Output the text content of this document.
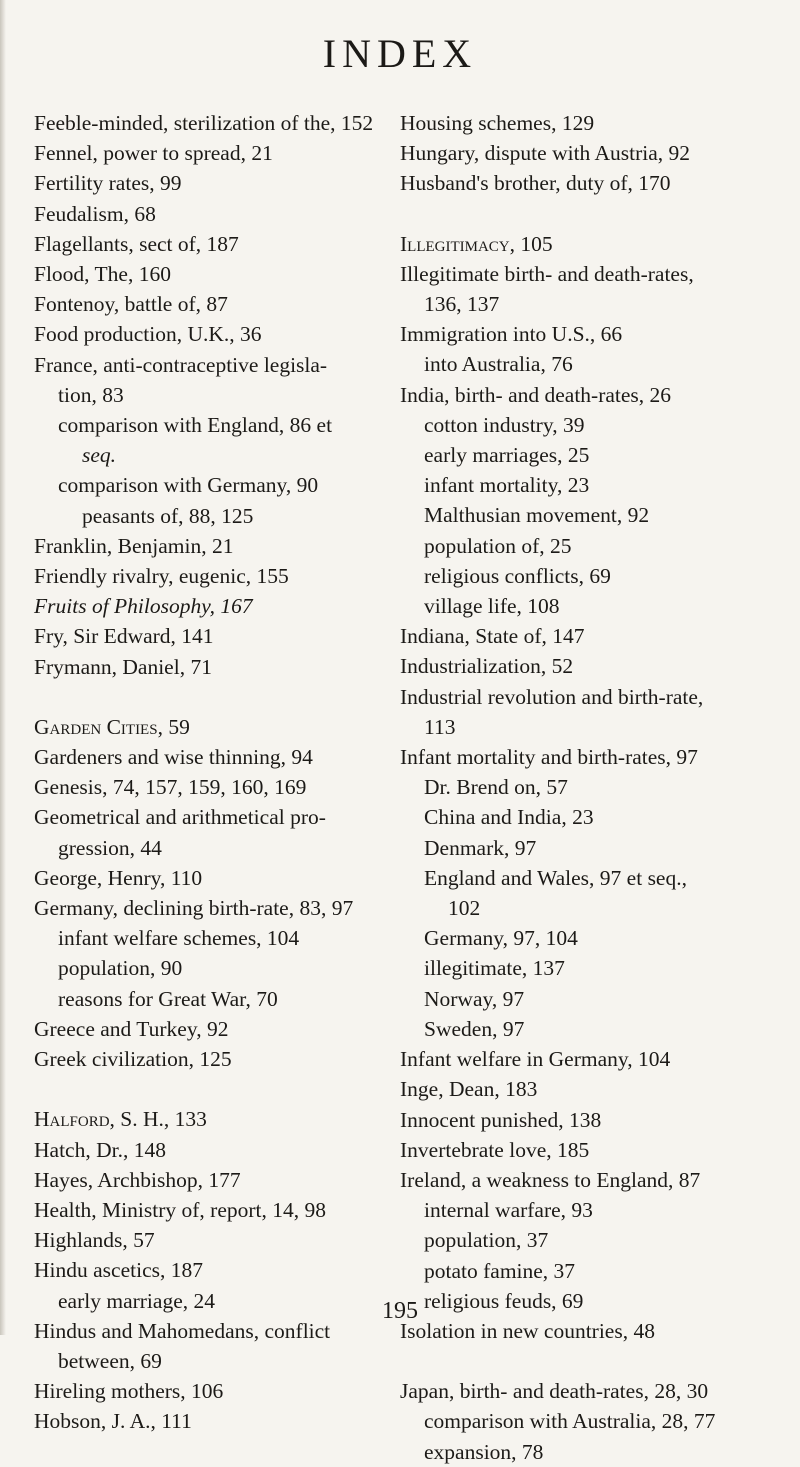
INDEX
Feeble-minded, sterilization of the, 152
Fennel, power to spread, 21
Fertility rates, 99
Feudalism, 68
Flagellants, sect of, 187
Flood, The, 160
Fontenoy, battle of, 87
Food production, U.K., 36
France, anti-contraceptive legisla-
tion, 83
comparison with England, 86 et
seq.
comparison with Germany, 90
peasants of, 88, 125
Franklin, Benjamin, 21
Friendly rivalry, eugenic, 155
Fruits of Philosophy, 167
Fry, Sir Edward, 141
Frymann, Daniel, 71
Garden Cities, 59
Gardeners and wise thinning, 94
Genesis, 74, 157, 159, 160, 169
Geometrical and arithmetical pro-
gression, 44
George, Henry, 110
Germany, declining birth-rate, 83, 97
infant welfare schemes, 104
population, 90
reasons for Great War, 70
Greece and Turkey, 92
Greek civilization, 125
Halford, S. H., 133
Hatch, Dr., 148
Hayes, Archbishop, 177
Health, Ministry of, report, 14, 98
Highlands, 57
Hindu ascetics, 187
early marriage, 24
Hindus and Mahomedans, conflict
between, 69
Hireling mothers, 106
Hobson, J. A., 111
Housing schemes, 129
Hungary, dispute with Austria, 92
Husband's brother, duty of, 170
Illegitimacy, 105
Illegitimate birth- and death-rates,
136, 137
Immigration into U.S., 66
into Australia, 76
India, birth- and death-rates, 26
cotton industry, 39
early marriages, 25
infant mortality, 23
Malthusian movement, 92
population of, 25
religious conflicts, 69
village life, 108
Indiana, State of, 147
Industrialization, 52
Industrial revolution and birth-rate,
113
Infant mortality and birth-rates, 97
Dr. Brend on, 57
China and India, 23
Denmark, 97
England and Wales, 97 et seq.,
102
Germany, 97, 104
illegitimate, 137
Norway, 97
Sweden, 97
Infant welfare in Germany, 104
Inge, Dean, 183
Innocent punished, 138
Invertebrate love, 185
Ireland, a weakness to England, 87
internal warfare, 93
population, 37
potato famine, 37
religious feuds, 69
Isolation in new countries, 48
Japan, birth- and death-rates, 28, 30
comparison with Australia, 28, 77
expansion, 78
195
